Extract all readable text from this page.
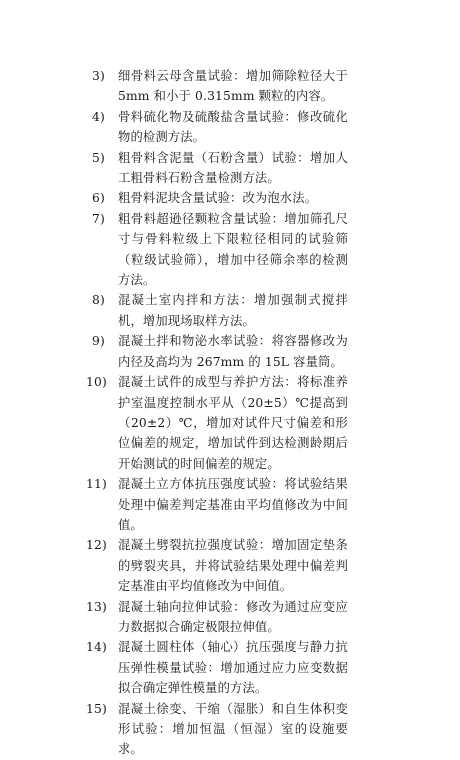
3)	细骨料云母含量试验：增加筛除粒径大于 5mm 和小于 0.315mm 颗粒的内容。
4)	骨料硫化物及硫酸盐含量试验：修改硫化物的检测方法。
5)	粗骨料含泥量（石粉含量）试验：增加人工粗骨料石粉含量检测方法。
6)	粗骨料泥块含量试验：改为泡水法。
7)	粗骨料超逊径颗粒含量试验：增加筛孔尺寸与骨料粒级上下限粒径相同的试验筛（粒级试验筛），增加中径筛余率的检测方法。
8)	混凝土室内拌和方法：增加强制式搅拌机，增加现场取样方法。
9)	混凝土拌和物泌水率试验：将容器修改为内径及高均为 267mm 的 15L 容量筒。
10) 混凝土试件的成型与养护方法：将标准养护室温度控制水平从（20±5）℃提高到（20±2）℃，增加对试件尺寸偏差和形位偏差的规定，增加试件到达检测龄期后开始测试的时间偏差的规定。
11) 混凝土立方体抗压强度试验：将试验结果处理中偏差判定基准由平均值修改为中间值。
12) 混凝土劈裂抗拉强度试验：增加固定垫条的劈裂夹具，并将试验结果处理中偏差判定基准由平均值修改为中间值。
13) 混凝土轴向拉伸试验：修改为通过应变应力数据拟合确定极限拉伸值。
14) 混凝土圆柱体（轴心）抗压强度与静力抗压弹性模量试验：增加通过应力应变数据拟合确定弹性模量的方法。
15) 混凝土徐变、干缩（湿胀）和自生体积变形试验：增加恒温（恒湿）室的设施要求。
